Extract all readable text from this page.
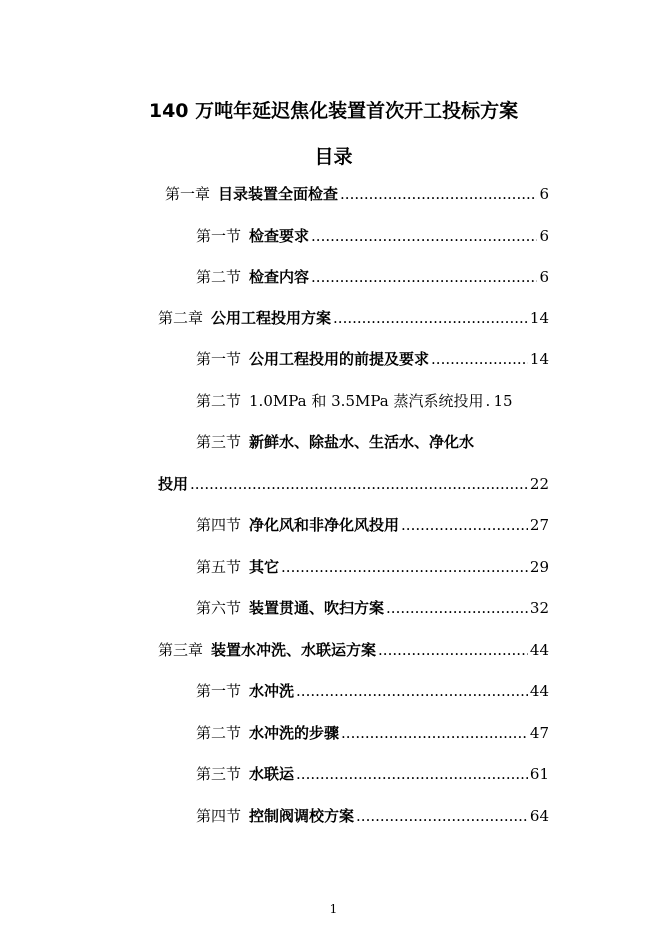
140 万吨年延迟焦化装置首次开工投标方案
目录
第一章 目录装置全面检查 .....	6
第一节 检查要求 .....	6
第二节 检查内容 .....	6
第二章 公用工程投用方案 .....	14
第一节 公用工程投用的前提及要求 .....	14
第二节 1.0MPa 和 3.5MPa 蒸汽系统投用 ..... 15
第三节 新鲜水、除盐水、生活水、净化水
投用 .....	22
第四节 净化风和非净化风投用 .....	27
第五节 其它 .....	29
第六节 装置贯通、吹扫方案 .....	32
第三章 装置水冲洗、水联运方案 .....	44
第一节 水冲洗 .....	44
第二节 水冲洗的步骤 .....	47
第三节 水联运 .....	61
第四节 控制阀调校方案 .....	64
1
